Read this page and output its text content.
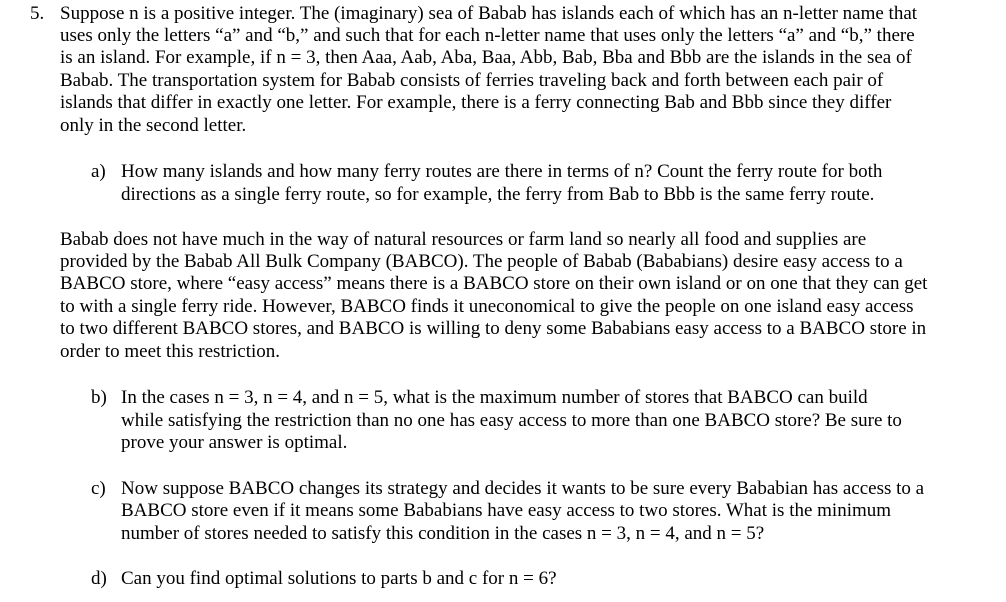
5. Suppose n is a positive integer. The (imaginary) sea of Babab has islands each of which has an n-letter name that
uses only the letters “a” and “b,” and such that for each n-letter name that uses only the letters “a” and “b,” there
is an island. For example, if n = 3, then Aaa, Aab, Aba, Baa, Abb, Bab, Bba and Bbb are the islands in the sea of
Babab. The transportation system for Babab consists of ferries traveling back and forth between each pair of
islands that differ in exactly one letter. For example, there is a ferry connecting Bab and Bbb since they differ
only in the second letter.
a) How many islands and how many ferry routes are there in terms of n? Count the ferry route for both
directions as a single ferry route, so for example, the ferry from Bab to Bbb is the same ferry route.
Babab does not have much in the way of natural resources or farm land so nearly all food and supplies are
provided by the Babab All Bulk Company (BABCO). The people of Babab (Bababians) desire easy access to a
BABCO store, where “easy access” means there is a BABCO store on their own island or on one that they can get
to with a single ferry ride. However, BABCO finds it uneconomical to give the people on one island easy access
to two different BABCO stores, and BABCO is willing to deny some Bababians easy access to a BABCO store in
order to meet this restriction.
b) In the cases n = 3, n = 4, and n = 5, what is the maximum number of stores that BABCO can build
while satisfying the restriction than no one has easy access to more than one BABCO store? Be sure to
prove your answer is optimal.
c) Now suppose BABCO changes its strategy and decides it wants to be sure every Bababian has access to a
BABCO store even if it means some Bababians have easy access to two stores. What is the minimum
number of stores needed to satisfy this condition in the cases n = 3, n = 4, and n = 5?
d) Can you find optimal solutions to parts b and c for n = 6?
